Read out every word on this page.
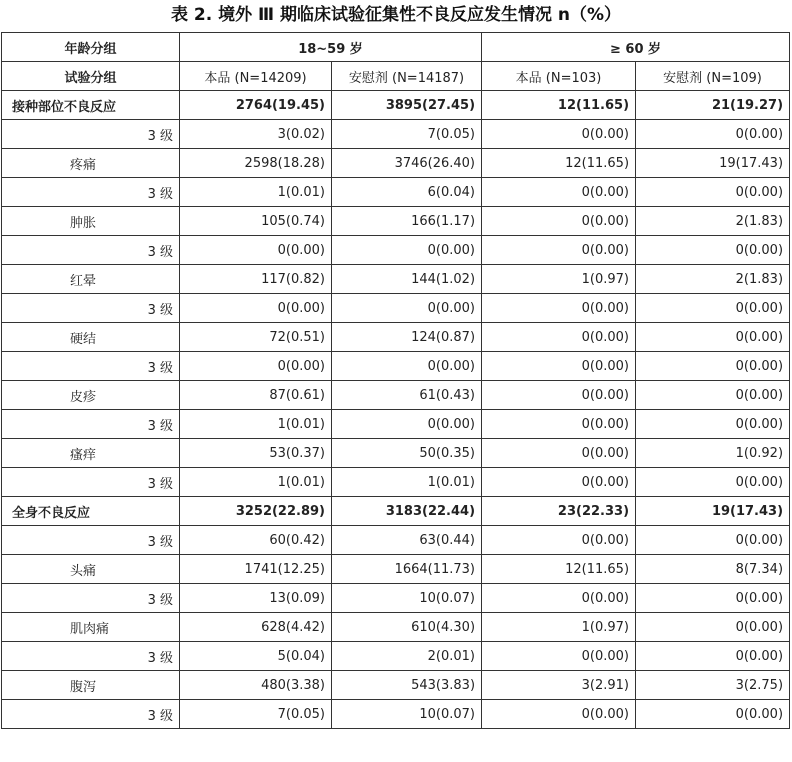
表 2. 境外 Ⅲ 期临床试验征集性不良反应发生情况 n（%）
年龄分组	18~59 岁		≥ 60 岁	
试验分组	本品 (N=14209)	安慰剂 (N=14187)	本品 (N=103)	安慰剂 (N=109)
接种部位不良反应	2764(19.45)	3895(27.45)	12(11.65)	21(19.27)
3 级	3(0.02)	7(0.05)	0(0.00)	0(0.00)
疼痛	2598(18.28)	3746(26.40)	12(11.65)	19(17.43)
3 级	1(0.01)	6(0.04)	0(0.00)	0(0.00)
肿胀	105(0.74)	166(1.17)	0(0.00)	2(1.83)
3 级	0(0.00)	0(0.00)	0(0.00)	0(0.00)
红晕	117(0.82)	144(1.02)	1(0.97)	2(1.83)
3 级	0(0.00)	0(0.00)	0(0.00)	0(0.00)
硬结	72(0.51)	124(0.87)	0(0.00)	0(0.00)
3 级	0(0.00)	0(0.00)	0(0.00)	0(0.00)
皮疹	87(0.61)	61(0.43)	0(0.00)	0(0.00)
3 级	1(0.01)	0(0.00)	0(0.00)	0(0.00)
瘙痒	53(0.37)	50(0.35)	0(0.00)	1(0.92)
3 级	1(0.01)	1(0.01)	0(0.00)	0(0.00)
全身不良反应	3252(22.89)	3183(22.44)	23(22.33)	19(17.43)
3 级	60(0.42)	63(0.44)	0(0.00)	0(0.00)
头痛	1741(12.25)	1664(11.73)	12(11.65)	8(7.34)
3 级	13(0.09)	10(0.07)	0(0.00)	0(0.00)
肌肉痛	628(4.42)	610(4.30)	1(0.97)	0(0.00)
3 级	5(0.04)	2(0.01)	0(0.00)	0(0.00)
腹泻	480(3.38)	543(3.83)	3(2.91)	3(2.75)
3 级	7(0.05)	10(0.07)	0(0.00)	0(0.00)
